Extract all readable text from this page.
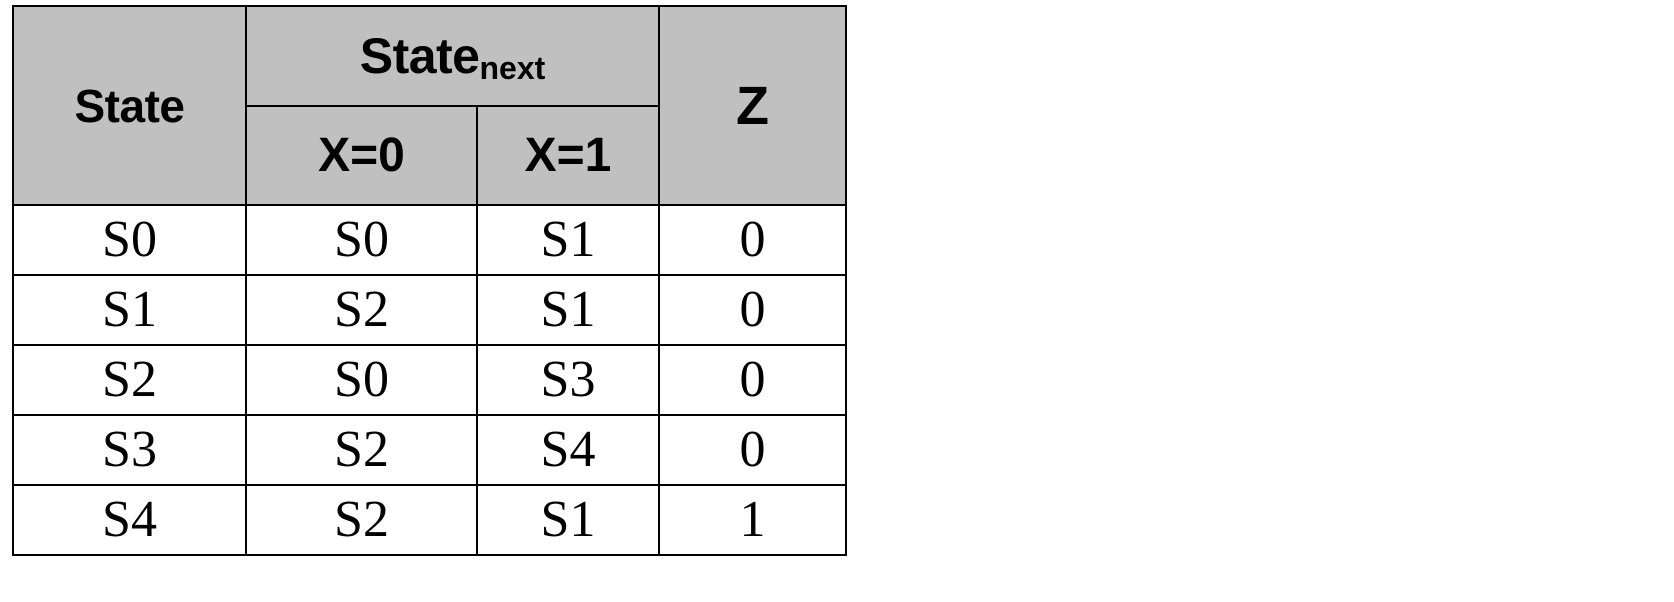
State	State$_{next}$		Z
	X=0	X=1	
S0	S0	S1	0
S1	S2	S1	0
S2	S0	S3	0
S3	S2	S4	0
S4	S2	S1	1
